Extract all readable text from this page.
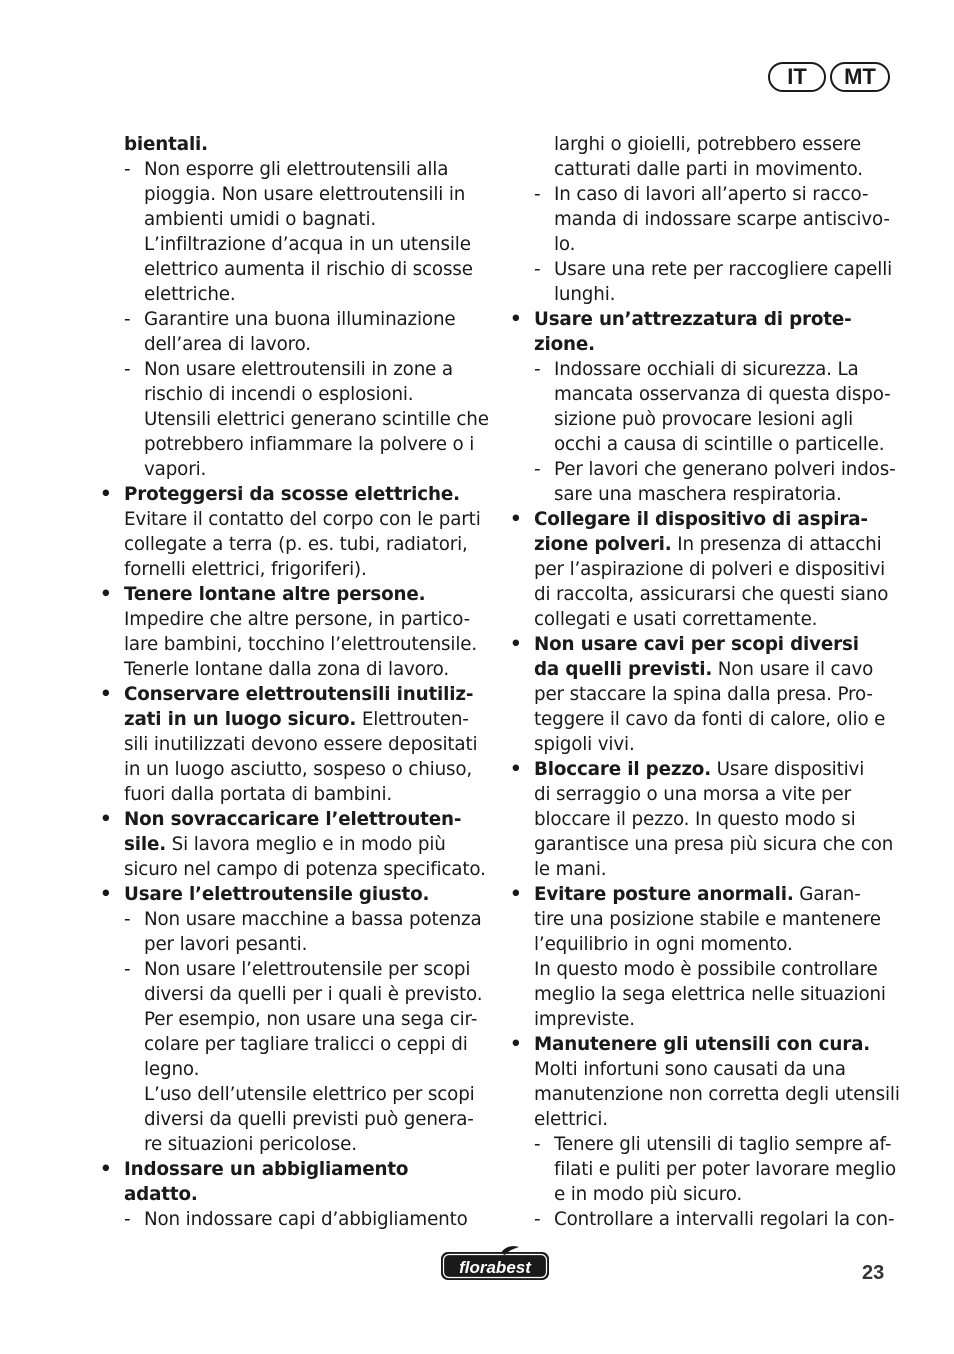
IT	MT
bientali.
- Non esporre gli elettroutensili alla
pioggia. Non usare elettroutensili in
ambienti umidi o bagnati.
L’infiltrazione d’acqua in un utensile
elettrico aumenta il rischio di scosse
elettriche.
- Garantire una buona illuminazione
dell’area di lavoro.
- Non usare elettroutensili in zone a
rischio di incendi o esplosioni.
Utensili elettrici generano scintille che
potrebbero infiammare la polvere o i
vapori.
• Proteggersi da scosse elettriche.
Evitare il contatto del corpo con le parti
collegate a terra (p. es. tubi, radiatori,
fornelli elettrici, frigoriferi).
• Tenere lontane altre persone.
Impedire che altre persone, in partico-
lare bambini, tocchino l’elettroutensile.
Tenerle lontane dalla zona di lavoro.
• Conservare elettroutensili inutiliz-
zati in un luogo sicuro. Elettrouten-
sili inutilizzati devono essere depositati
in un luogo asciutto, sospeso o chiuso,
fuori dalla portata di bambini.
• Non sovraccaricare l’elettrouten-
sile. Si lavora meglio e in modo più
sicuro nel campo di potenza specificato.
• Usare l’elettroutensile giusto.
- Non usare macchine a bassa potenza
per lavori pesanti.
- Non usare l’elettroutensile per scopi
diversi da quelli per i quali è previsto.
Per esempio, non usare una sega cir-
colare per tagliare tralicci o ceppi di
legno.
L’uso dell’utensile elettrico per scopi
diversi da quelli previsti può genera-
re situazioni pericolose.
• Indossare un abbigliamento
adatto.
- Non indossare capi d’abbigliamento
larghi o gioielli, potrebbero essere
catturati dalle parti in movimento.
- In caso di lavori all’aperto si racco-
manda di indossare scarpe antiscivo-
lo.
- Usare una rete per raccogliere capelli
lunghi.
• Usare un’attrezzatura di prote-
zione.
- Indossare occhiali di sicurezza. La
mancata osservanza di questa dispo-
sizione può provocare lesioni agli
occhi a causa di scintille o particelle.
- Per lavori che generano polveri indos-
sare una maschera respiratoria.
• Collegare il dispositivo di aspira-
zione polveri. In presenza di attacchi
per l’aspirazione di polveri e dispositivi
di raccolta, assicurarsi che questi siano
collegati e usati correttamente.
• Non usare cavi per scopi diversi
da quelli previsti. Non usare il cavo
per staccare la spina dalla presa. Pro-
teggere il cavo da fonti di calore, olio e
spigoli vivi.
• Bloccare il pezzo. Usare dispositivi
di serraggio o una morsa a vite per
bloccare il pezzo. In questo modo si
garantisce una presa più sicura che con
le mani.
• Evitare posture anormali. Garan-
tire una posizione stabile e mantenere
l’equilibrio in ogni momento.
In questo modo è possibile controllare
meglio la sega elettrica nelle situazioni
impreviste.
• Manutenere gli utensili con cura.
Molti infortuni sono causati da una
manutenzione non corretta degli utensili
elettrici.
- Tenere gli utensili di taglio sempre af-
filati e puliti per poter lavorare meglio
e in modo più sicuro.
- Controllare a intervalli regolari la con-
florabest	23
